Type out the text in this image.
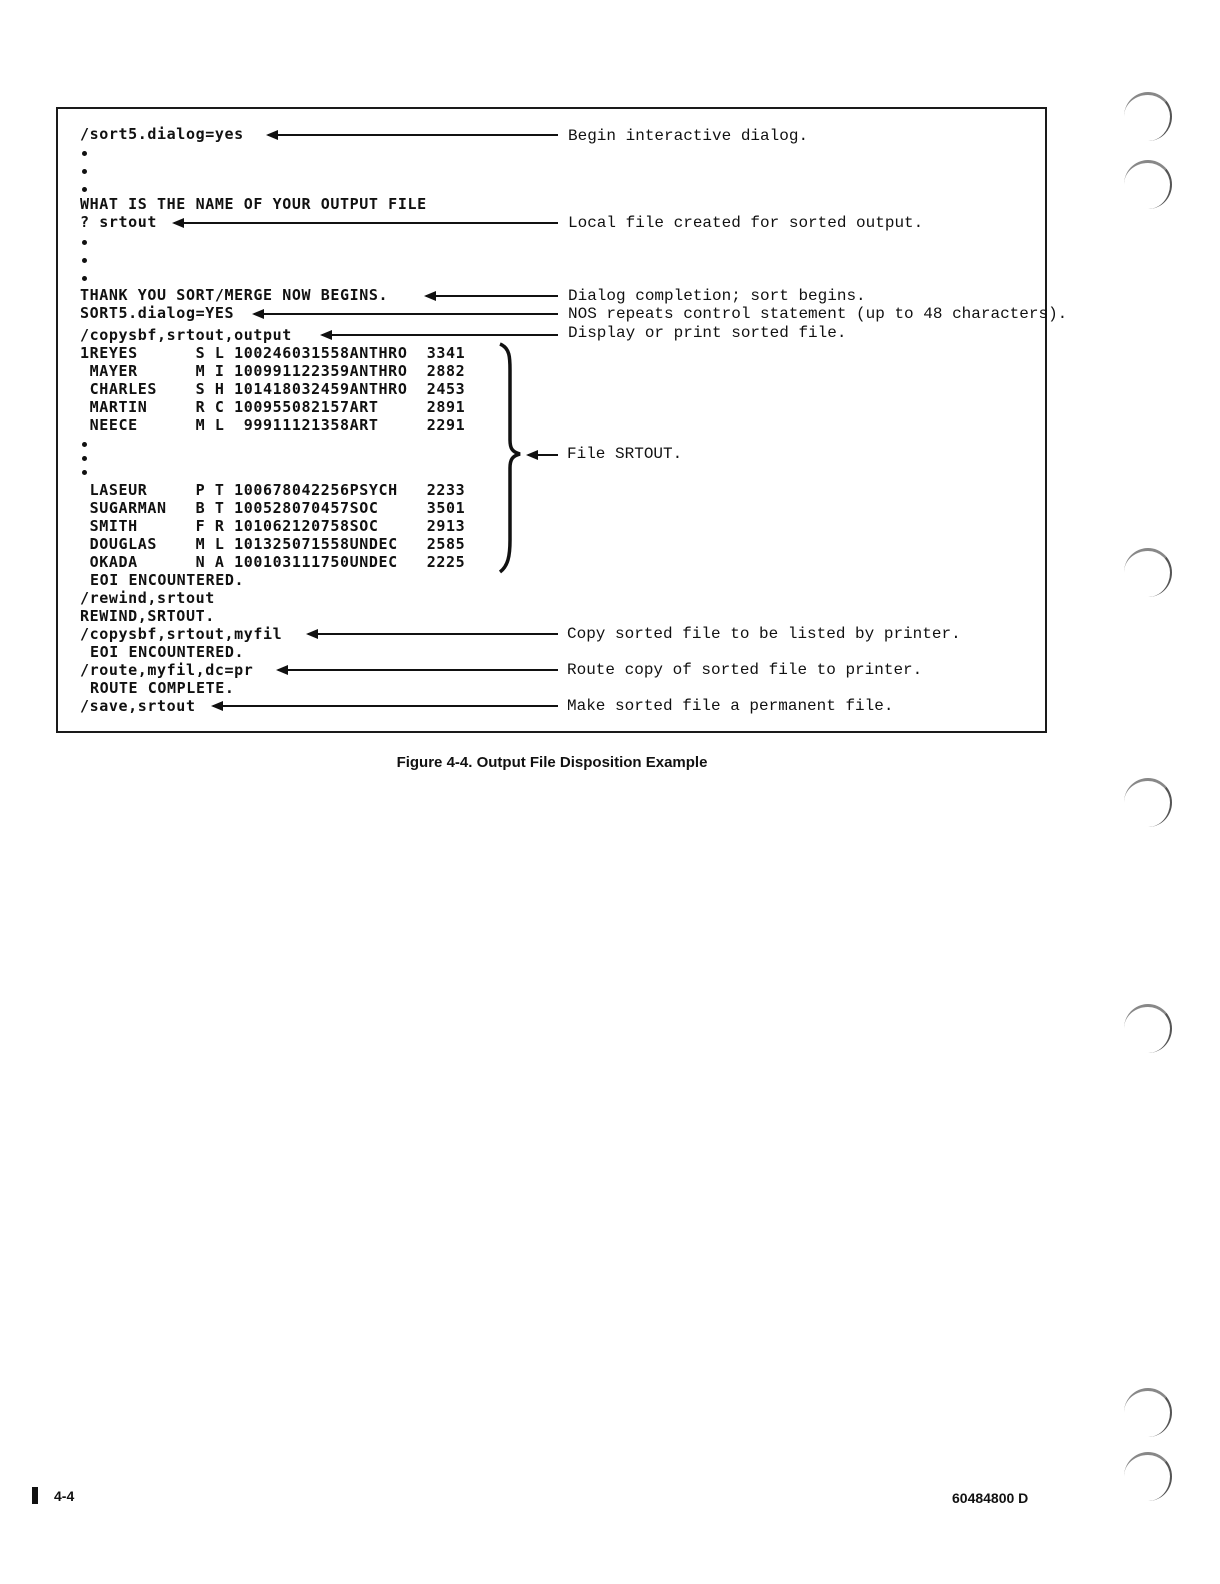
/sort5.dialog=yes
WHAT IS THE NAME OF YOUR OUTPUT FILE
? srtout
THANK YOU SORT/MERGE NOW BEGINS.
SORT5.dialog=YES
/copysbf,srtout,output
1REYES      S L 100246031558ANTHRO  3341
MAYER      M I 100991122359ANTHRO  2882
CHARLES    S H 101418032459ANTHRO  2453
MARTIN     R C 100955082157ART     2891
NEECE      M L  99911121358ART     2291
LASEUR     P T 100678042256PSYCH   2233
SUGARMAN   B T 100528070457SOC     3501
SMITH      F R 101062120758SOC     2913
DOUGLAS    M L 101325071558UNDEC   2585
OKADA      N A 100103111750UNDEC   2225
EOI ENCOUNTERED.
/rewind,srtout
REWIND,SRTOUT.
/copysbf,srtout,myfil
EOI ENCOUNTERED.
/route,myfil,dc=pr
ROUTE COMPLETE.
/save,srtout
Begin interactive dialog.
Local file created for sorted output.
Dialog completion; sort begins.
NOS repeats control statement (up to 48 characters).
Display or print sorted file.
File SRTOUT.
Copy sorted file to be listed by printer.
Route copy of sorted file to printer.
Make sorted file a permanent file.
Figure 4-4. Output File Disposition Example
4-4	60484800 D
